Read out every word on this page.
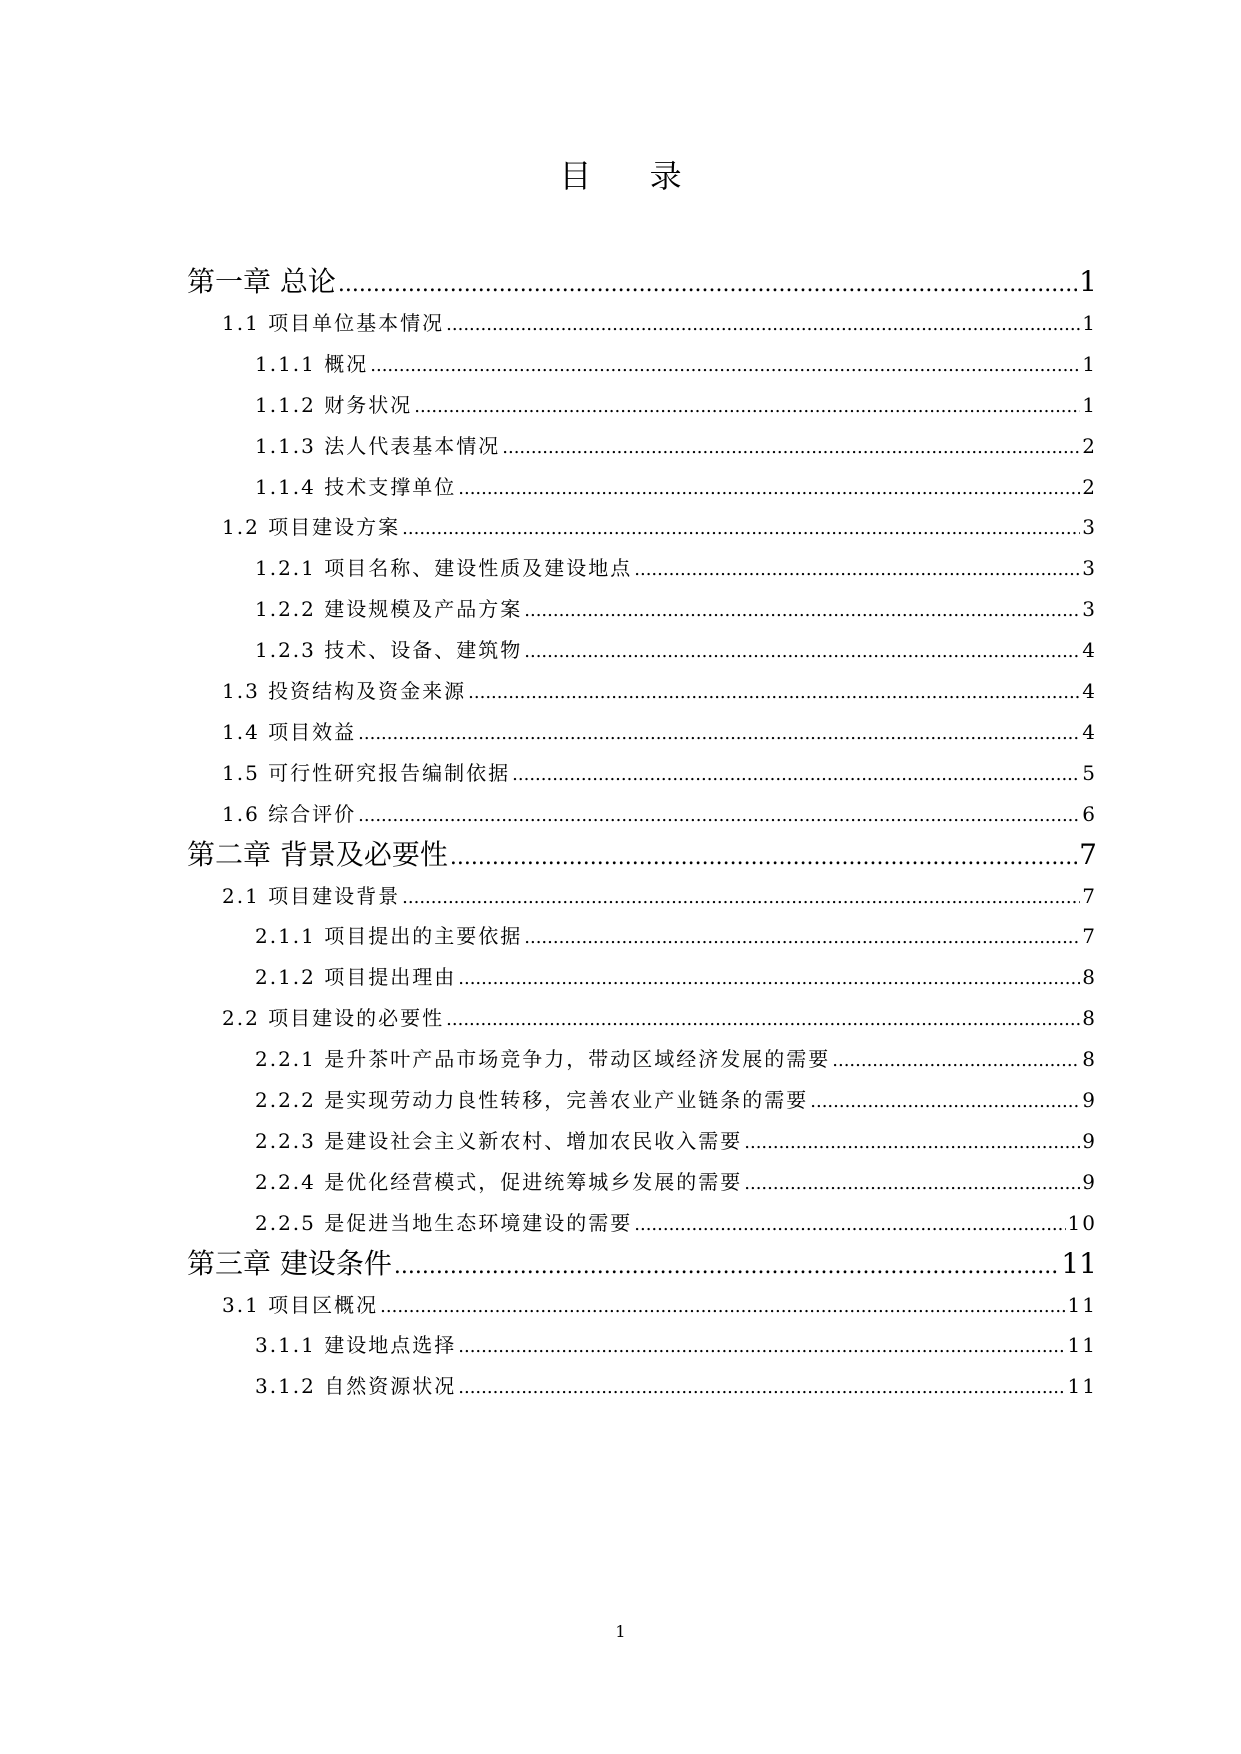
目 录
第一章 总论 .....	1
1.1 项目单位基本情况 .....	1
1.1.1 概况 .....	1
1.1.2 财务状况 .....	1
1.1.3 法人代表基本情况 .....	2
1.1.4 技术支撑单位 .....	2
1.2 项目建设方案 .....	3
1.2.1 项目名称、建设性质及建设地点 .....	3
1.2.2 建设规模及产品方案 .....	3
1.2.3 技术、设备、建筑物 .....	4
1.3 投资结构及资金来源 .....	4
1.4 项目效益 .....	4
1.5 可行性研究报告编制依据 .....	5
1.6 综合评价 .....	6
第二章 背景及必要性 .....	7
2.1 项目建设背景 .....	7
2.1.1 项目提出的主要依据 .....	7
2.1.2 项目提出理由 .....	8
2.2 项目建设的必要性 .....	8
2.2.1 是升茶叶产品市场竞争力，带动区域经济发展的需要 .....	8
2.2.2 是实现劳动力良性转移，完善农业产业链条的需要 .....	9
2.2.3 是建设社会主义新农村、增加农民收入需要 .....	9
2.2.4 是优化经营模式，促进统筹城乡发展的需要 .....	9
2.2.5 是促进当地生态环境建设的需要 .....	10
第三章 建设条件 .....	11
3.1 项目区概况 .....	11
3.1.1 建设地点选择 .....	11
3.1.2 自然资源状况 .....	11
1
